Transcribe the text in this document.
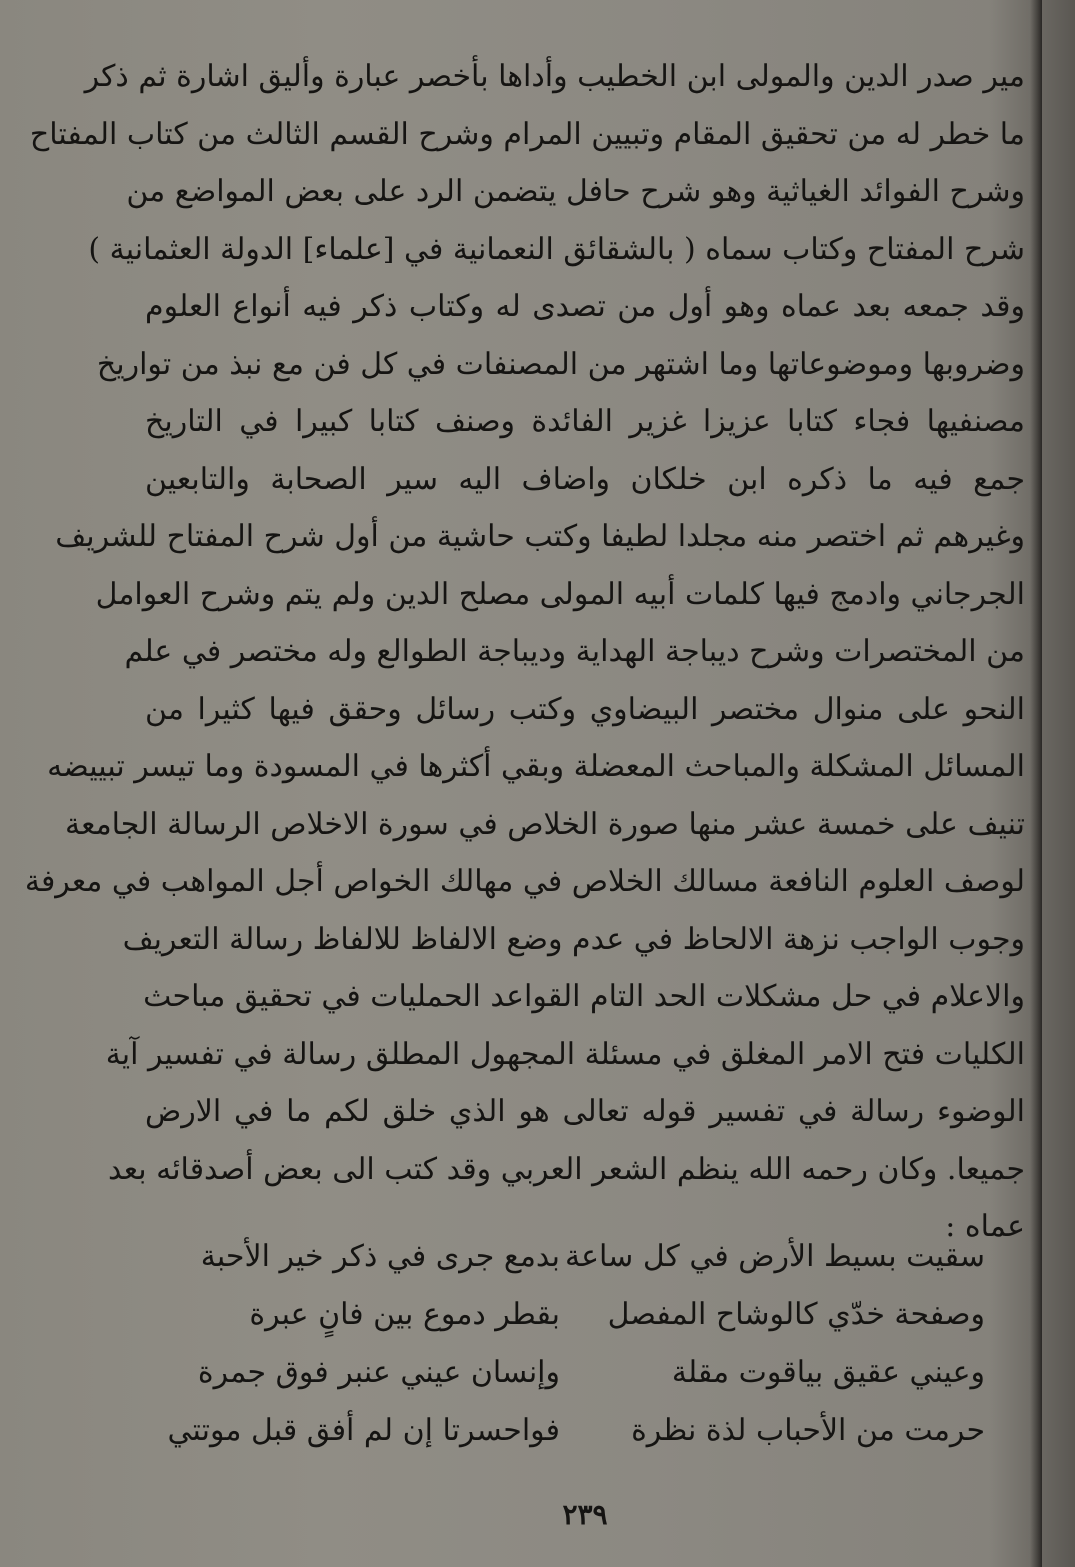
مير صدر الدين والمولى ابن الخطيب وأداها بأخصر عبارة وأليق اشارة ثم ذكر
ما خطر له من تحقيق المقام وتبيين المرام وشرح القسم الثالث من كتاب المفتاح
وشرح الفوائد الغياثية وهو شرح حافل يتضمن الرد على بعض المواضع من
شرح المفتاح وكتاب سماه ( بالشقائق النعمانية في [علماء] الدولة العثمانية )
وقد جمعه بعد عماه وهو أول من تصدى له وكتاب ذكر فيه أنواع العلوم
وضروبها وموضوعاتها وما اشتهر من المصنفات في كل فن مع نبذ من تواريخ
مصنفيها فجاء كتابا عزيزا غزير الفائدة وصنف كتابا كبيرا في التاريخ
جمع فيه ما ذكره ابن خلكان واضاف اليه سير الصحابة والتابعين
وغيرهم ثم اختصر منه مجلدا لطيفا وكتب حاشية من أول شرح المفتاح للشريف
الجرجاني وادمج فيها كلمات أبيه المولى مصلح الدين ولم يتم وشرح العوامل
من المختصرات وشرح ديباجة الهداية وديباجة الطوالع وله مختصر في علم
النحو على منوال مختصر البيضاوي وكتب رسائل وحقق فيها كثيرا من
المسائل المشكلة والمباحث المعضلة وبقي أكثرها في المسودة وما تيسر تبييضه
تنيف على خمسة عشر منها صورة الخلاص في سورة الاخلاص الرسالة الجامعة
لوصف العلوم النافعة مسالك الخلاص في مهالك الخواص أجل المواهب في معرفة
وجوب الواجب نزهة الالحاظ في عدم وضع الالفاظ للالفاظ رسالة التعريف
والاعلام في حل مشكلات الحد التام القواعد الحمليات في تحقيق مباحث
الكليات فتح الامر المغلق في مسئلة المجهول المطلق رسالة في تفسير آية
الوضوء رسالة في تفسير قوله تعالى هو الذي خلق لكم ما في الارض
جميعا. وكان رحمه الله ينظم الشعر العربي وقد كتب الى بعض أصدقائه بعد
عماه :
سقيت بسيط الأرض في كل ساعة
بدمع جرى في ذكر خير الأحبة
وصفحة خدّي كالوشاح المفصل
بقطر دموع بين فانٍ عبرة
وعيني عقيق بياقوت مقلة
وإنسان عيني عنبر فوق جمرة
حرمت من الأحباب لذة نظرة
فواحسرتا إن لم أفق قبل موتتي
٢٣٩
